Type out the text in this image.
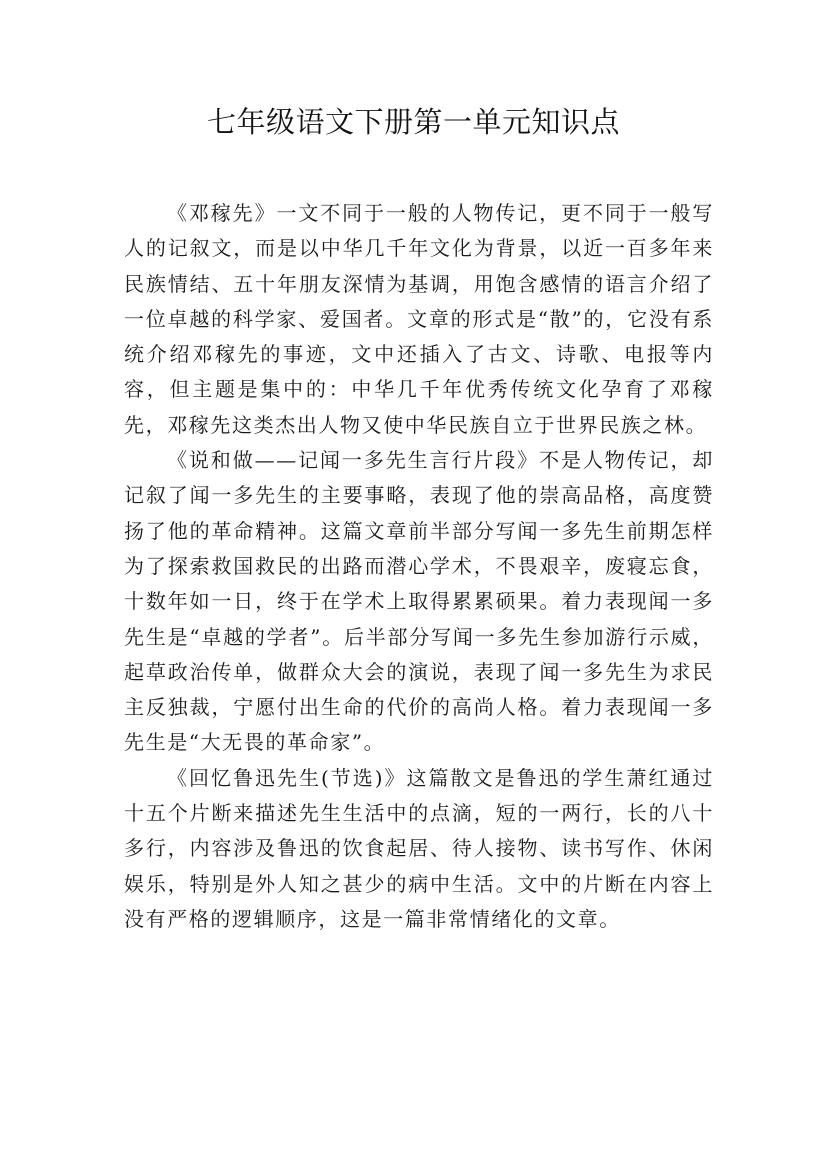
七年级语文下册第一单元知识点

《邓稼先》一文不同于一般的人物传记，更不同于一般写人的记叙文，而是以中华几千年文化为背景，以近一百多年来民族情结、五十年朋友深情为基调，用饱含感情的语言介绍了一位卓越的科学家、爱国者。文章的形式是“散”的，它没有系统介绍邓稼先的事迹，文中还插入了古文、诗歌、电报等内容，但主题是集中的：中华几千年优秀传统文化孕育了邓稼先，邓稼先这类杰出人物又使中华民族自立于世界民族之林。

《说和做——记闻一多先生言行片段》不是人物传记，却记叙了闻一多先生的主要事略，表现了他的崇高品格，高度赞扬了他的革命精神。这篇文章前半部分写闻一多先生前期怎样为了探索救国救民的出路而潜心学术，不畏艰辛，废寝忘食，十数年如一日，终于在学术上取得累累硕果。着力表现闻一多先生是“卓越的学者”。后半部分写闻一多先生参加游行示威，起草政治传单，做群众大会的演说，表现了闻一多先生为求民主反独裁，宁愿付出生命的代价的高尚人格。着力表现闻一多先生是“大无畏的革命家”。

《回忆鲁迅先生(节选)》这篇散文是鲁迅的学生萧红通过十五个片断来描述先生生活中的点滴，短的一两行，长的八十多行，内容涉及鲁迅的饮食起居、待人接物、读书写作、休闲娱乐，特别是外人知之甚少的病中生活。文中的片断在内容上没有严格的逻辑顺序，这是一篇非常情绪化的文章。
